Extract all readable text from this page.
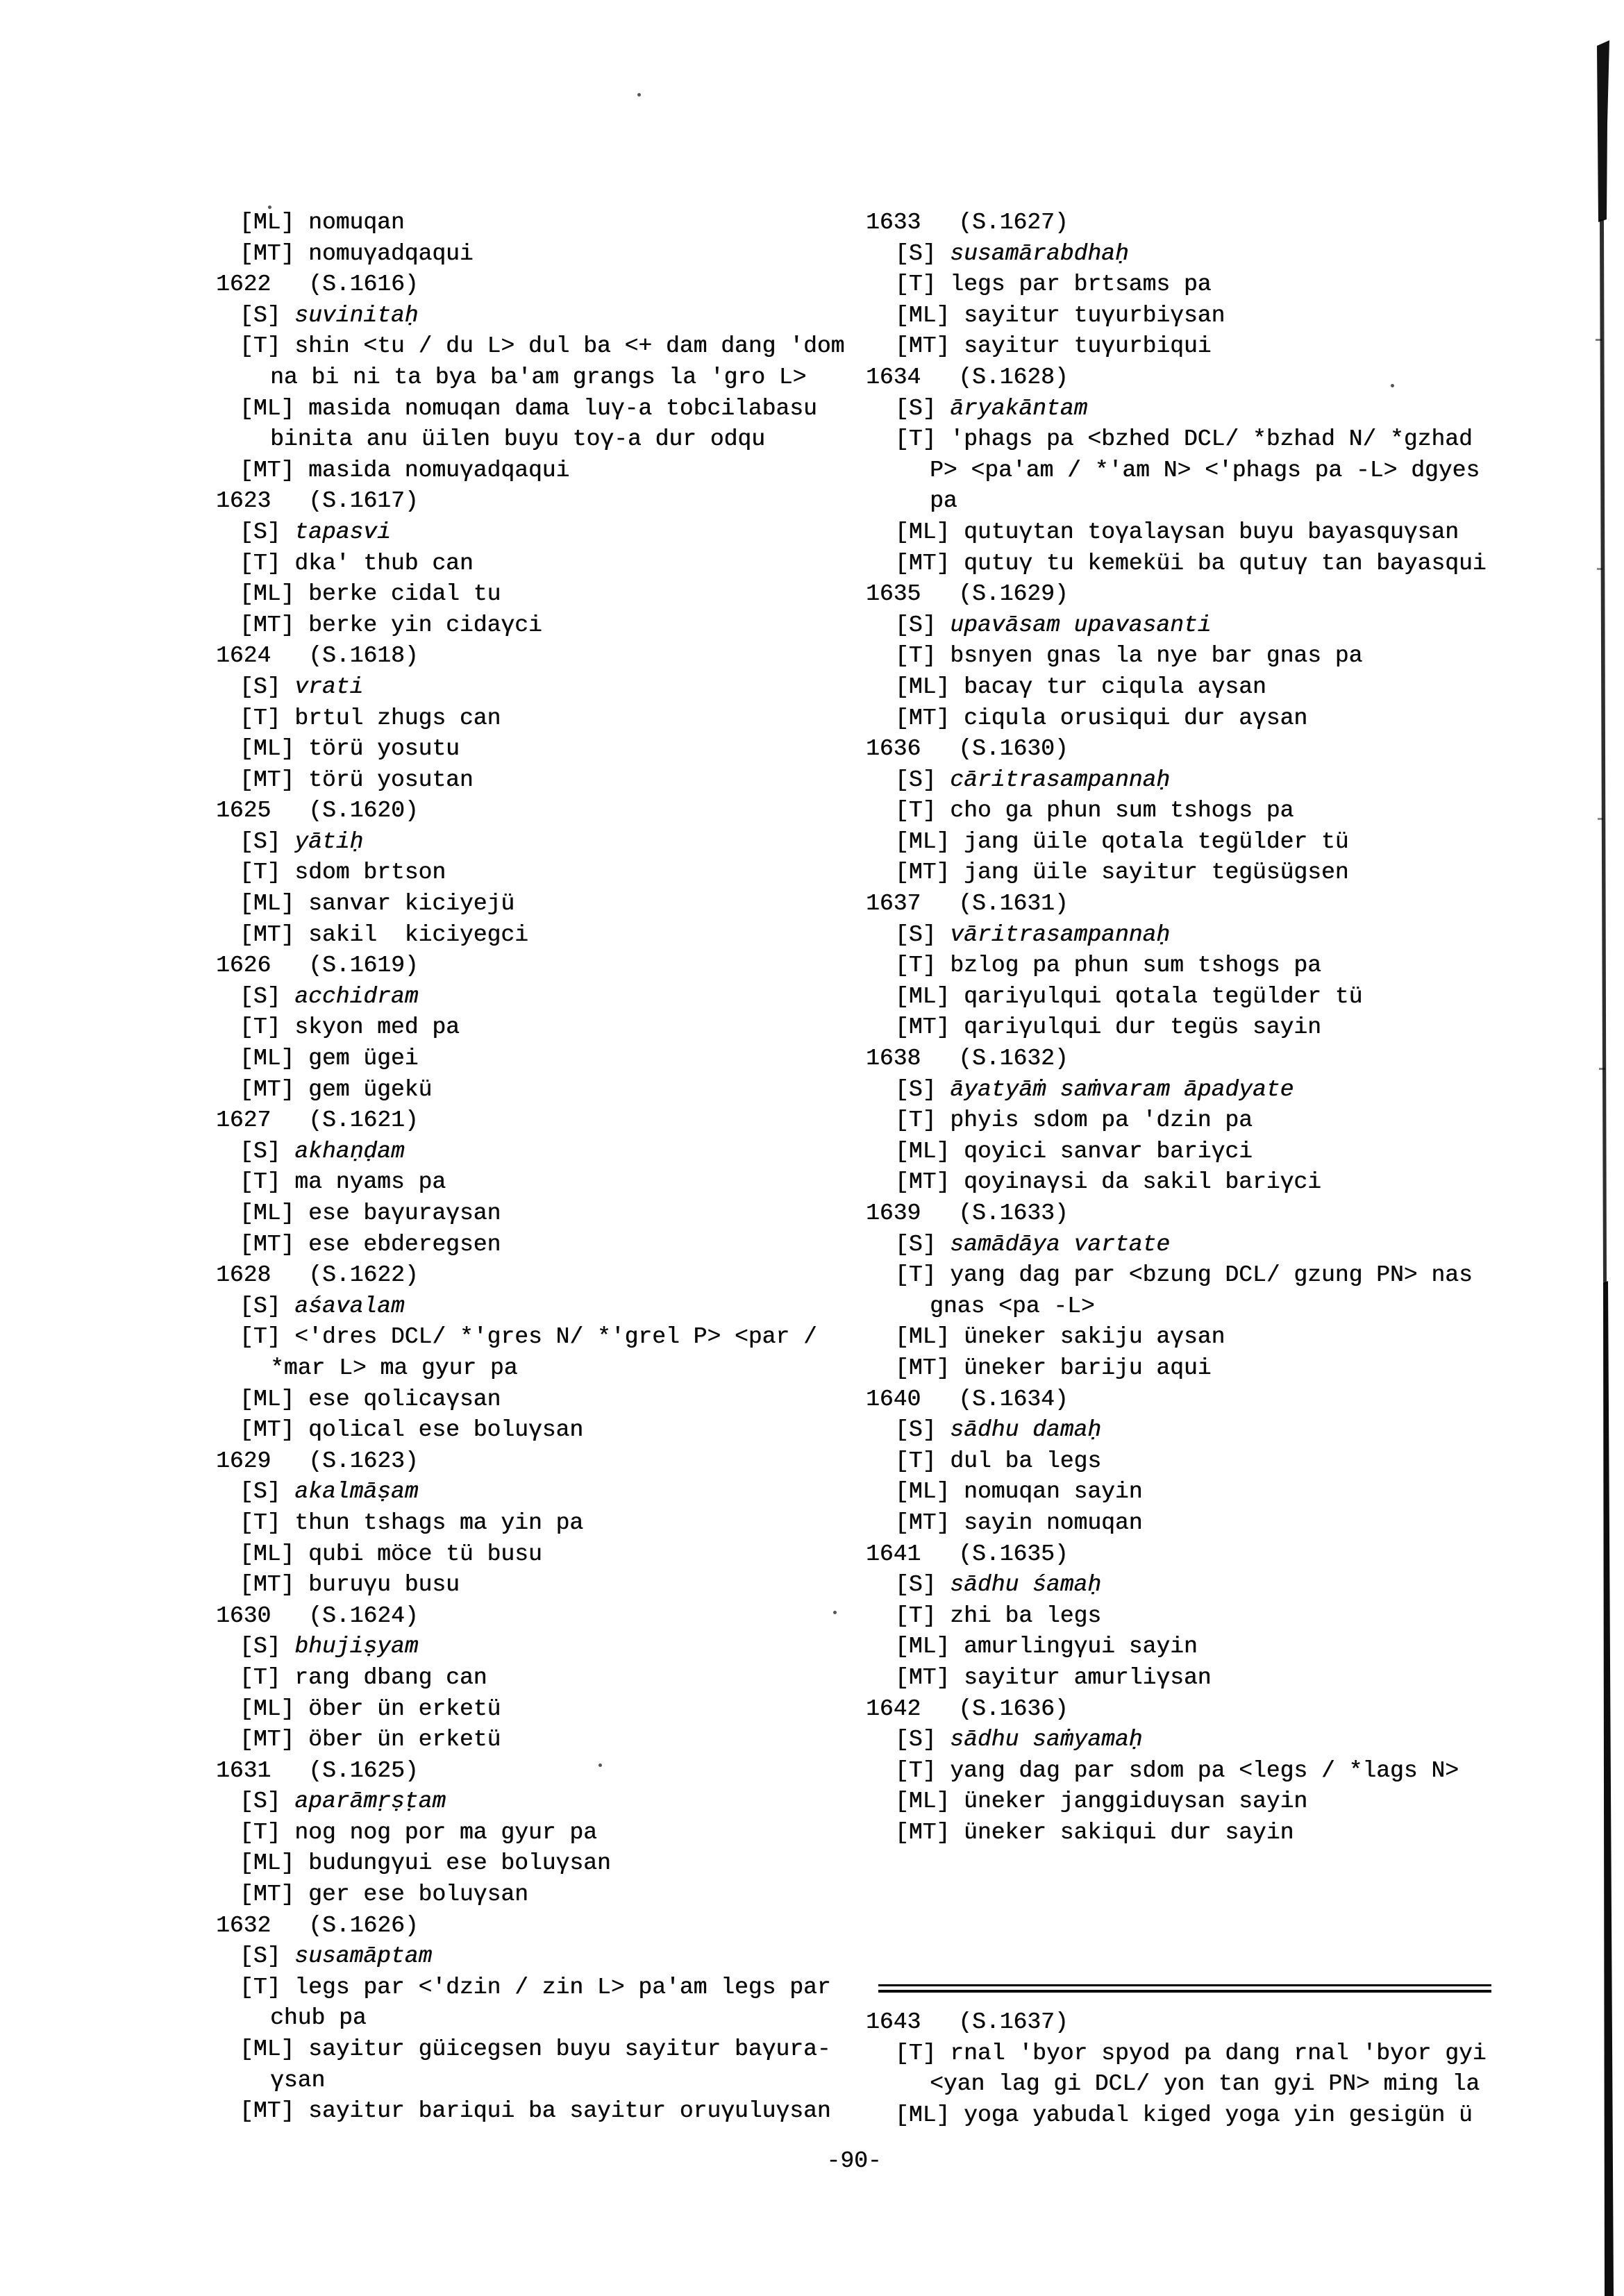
[ML] nomuqan
[MT] nomuγadqaqui
1622 (S.1616)
[S] suvinitaḥ
[T] shin <tu / du L> dul ba <+ dam dang 'dom
na bi ni ta bya ba'am grangs la 'gro L>
[ML] masida nomuqan dama luγ-a tobcilabasu
binita anu üilen buyu toγ-a dur odqu
[MT] masida nomuγadqaqui
1623 (S.1617)
[S] tapasvi
[T] dka' thub can
[ML] berke cidal tu
[MT] berke yin cidaγci
1624 (S.1618)
[S] vrati
[T] brtul zhugs can
[ML] törü yosutu
[MT] törü yosutan
1625 (S.1620)
[S] yātiḥ
[T] sdom brtson
[ML] sanvar kiciyejü
[MT] sakil  kiciyegci
1626 (S.1619)
[S] acchidram
[T] skyon med pa
[ML] gem ügei
[MT] gem ügekü
1627 (S.1621)
[S] akhaṇḍam
[T] ma nyams pa
[ML] ese baγuraγsan
[MT] ese ebderegsen
1628 (S.1622)
[S] aśavalam
[T] <'dres DCL/ *'gres N/ *'grel P> <par /
*mar L> ma gyur pa
[ML] ese qolicaγsan
[MT] qolical ese boluγsan
1629 (S.1623)
[S] akalmāṣam
[T] thun tshags ma yin pa
[ML] qubi möce tü busu
[MT] buruγu busu
1630 (S.1624)
[S] bhujiṣyam
[T] rang dbang can
[ML] öber ün erketü
[MT] öber ün erketü
1631 (S.1625)
[S] aparāmṛṣṭam
[T] nog nog por ma gyur pa
[ML] budungγui ese boluγsan
[MT] ger ese boluγsan
1632 (S.1626)
[S] susamāptam
[T] legs par <'dzin / zin L> pa'am legs par
chub pa
[ML] sayitur güicegsen buyu sayitur baγura-
γsan
[MT] sayitur bariqui ba sayitur oruγuluγsan
1633 (S.1627)
[S] susamārabdhaḥ
[T] legs par brtsams pa
[ML] sayitur tuγurbiγsan
[MT] sayitur tuγurbiqui
1634 (S.1628)
[S] āryakāntam
[T] 'phags pa <bzhed DCL/ *bzhad N/ *gzhad
P> <pa'am / *'am N> <'phags pa -L> dgyes
pa
[ML] qutuγtan toγalaγsan buyu bayasquγsan
[MT] qutuγ tu kemeküi ba qutuγ tan bayasqui
1635 (S.1629)
[S] upavāsam upavasanti
[T] bsnyen gnas la nye bar gnas pa
[ML] bacaγ tur ciqula aγsan
[MT] ciqula orusiqui dur aγsan
1636 (S.1630)
[S] cāritrasampannaḥ
[T] cho ga phun sum tshogs pa
[ML] jang üile qotala tegülder tü
[MT] jang üile sayitur tegüsügsen
1637 (S.1631)
[S] vāritrasampannaḥ
[T] bzlog pa phun sum tshogs pa
[ML] qariγulqui qotala tegülder tü
[MT] qariγulqui dur tegüs sayin
1638 (S.1632)
[S] āyatyāṁ saṁvaram āpadyate
[T] phyis sdom pa 'dzin pa
[ML] qoyici sanvar bariγci
[MT] qoyinaγsi da sakil bariγci
1639 (S.1633)
[S] samādāya vartate
[T] yang dag par <bzung DCL/ gzung PN> nas
gnas <pa -L>
[ML] üneker sakiju aγsan
[MT] üneker bariju aqui
1640 (S.1634)
[S] sādhu damaḥ
[T] dul ba legs
[ML] nomuqan sayin
[MT] sayin nomuqan
1641 (S.1635)
[S] sādhu śamaḥ
[T] zhi ba legs
[ML] amurlingγui sayin
[MT] sayitur amurliγsan
1642 (S.1636)
[S] sādhu saṁyamaḥ
[T] yang dag par sdom pa <legs / *lags N>
[ML] üneker janggiduγsan sayin
[MT] üneker sakiqui dur sayin
1643 (S.1637)
[T] rnal 'byor spyod pa dang rnal 'byor gyi
<yan lag gi DCL/ yon tan gyi PN> ming la
[ML] yoga yabudal kiged yoga yin gesigün ü
-90-
